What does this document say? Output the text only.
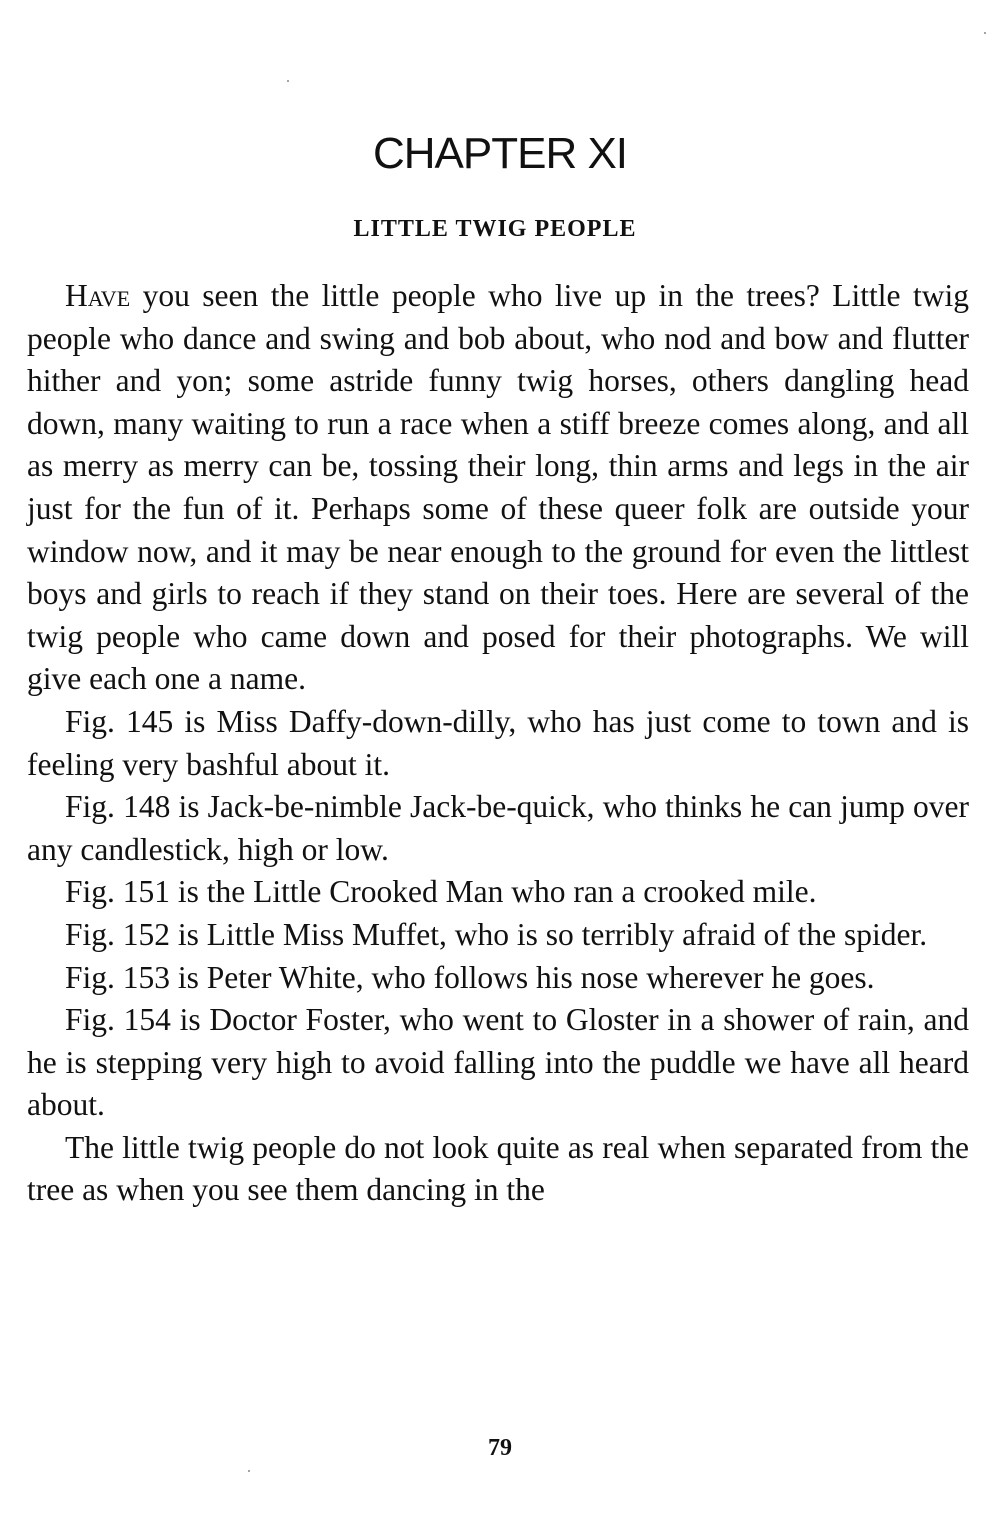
CHAPTER XI
LITTLE TWIG PEOPLE

Have you seen the little people who live up in the trees? Little twig people who dance and swing and bob about, who nod and bow and flutter hither and yon; some astride funny twig horses, others dangling head down, many waiting to run a race when a stiff breeze comes along, and all as merry as merry can be, tossing their long, thin arms and legs in the air just for the fun of it. Perhaps some of these queer folk are outside your window now, and it may be near enough to the ground for even the littlest boys and girls to reach if they stand on their toes. Here are several of the twig people who came down and posed for their photographs. We will give each one a name.

Fig. 145 is Miss Daffy-down-dilly, who has just come to town and is feeling very bashful about it.

Fig. 148 is Jack-be-nimble Jack-be-quick, who thinks he can jump over any candlestick, high or low.

Fig. 151 is the Little Crooked Man who ran a crooked mile.

Fig. 152 is Little Miss Muffet, who is so terribly afraid of the spider.

Fig. 153 is Peter White, who follows his nose wherever he goes.

Fig. 154 is Doctor Foster, who went to Gloster in a shower of rain, and he is stepping very high to avoid falling into the puddle we have all heard about.

The little twig people do not look quite as real when separated from the tree as when you see them dancing in the

79
